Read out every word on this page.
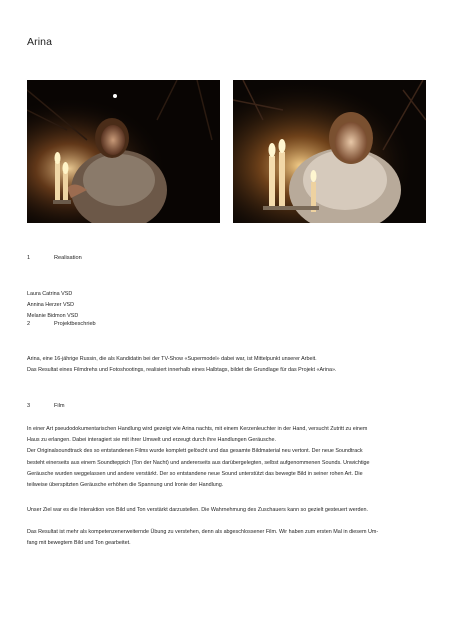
Arina
1	Realisation
Laura Catrina VSD
Annina Herzer VSD
Melanie Bidmon VSD
2	Projektbeschrieb
Arina, eine 16-jährige Russin, die als Kandidatin bei der TV-Show «Supermodel» dabei war, ist Mittelpunkt unserer Arbeit.
Das Resultat eines Filmdrehs und Fotoshootings, realisiert innerhalb eines Halbtags, bildet die Grundlage für das Projekt «Arina».
3	Film
In einer Art pseudodokumentarischen Handlung wird gezeigt wie Arina nachts, mit einem Kerzenleuchter in der Hand, versucht Zutritt zu einem
Haus zu erlangen. Dabei interagiert sie mit ihrer Umwelt und erzeugt durch ihre Handlungen Geräusche.
Der Originalsoundtrack des so entstandenen Films wurde komplett gelöscht und das gesamte Bildmaterial neu vertont. Der neue Soundtrack
besteht einerseits aus einem Soundteppich (Ton der Nacht) und andererseits aus darübergelegten, selbst aufgenommenen Sounds. Unwichtige
Geräusche wurden weggelassen und andere verstärkt. Der so entstandene neue Sound unterstützt das bewegte Bild in seiner rohen Art. Die
teilweise überspitzten Geräusche erhöhen die Spannung und Ironie der Handlung.
Unser Ziel war es die Interaktion von Bild und Ton verstärkt darzustellen. Die Wahrnehmung des Zuschauers kann so gezielt gesteuert werden.
Das Resultat ist mehr als kompetenzenerweiternde Übung zu verstehen, denn als abgeschlossener Film. Wir haben zum ersten Mal in diesem Um-
fang mit bewegtem Bild und Ton gearbeitet.
